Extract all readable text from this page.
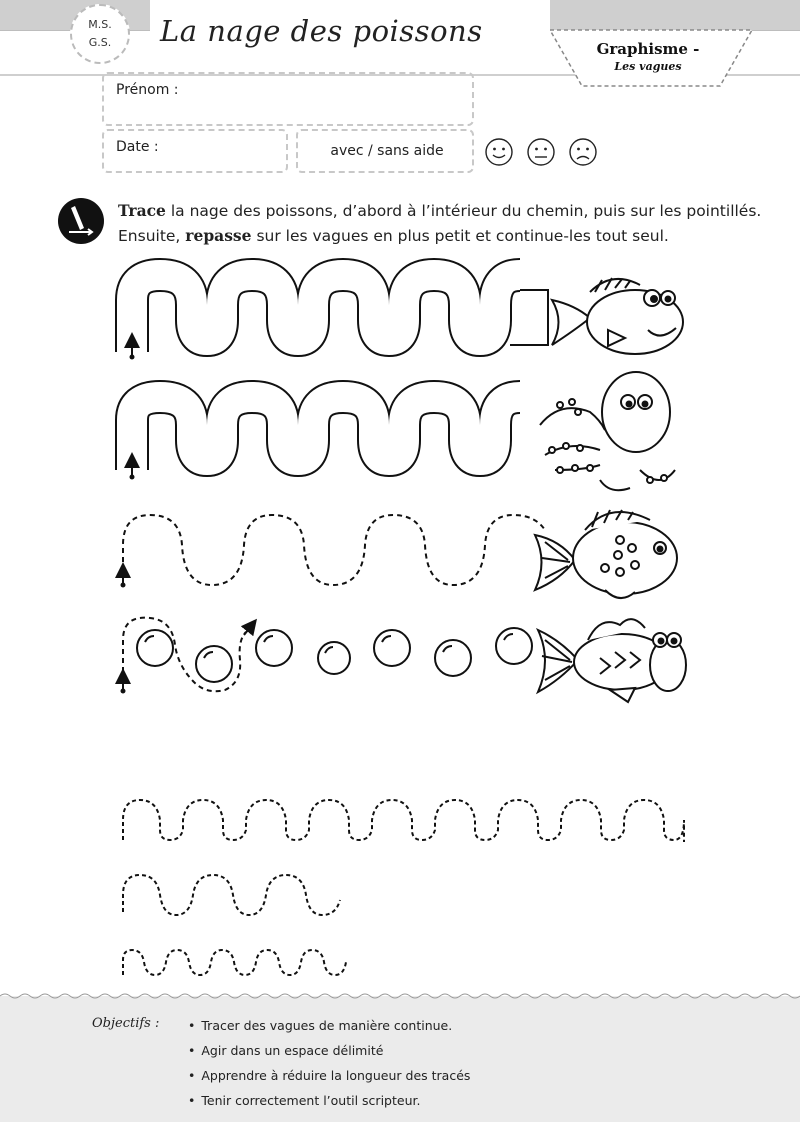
M.S.
G.S.	La nage des poissons
Graphisme -
Les vagues
Prénom :
Date :	avec / sans aide
Trace la nage des poissons, d’abord à l’intérieur du chemin, puis sur les pointillés.
Ensuite, repasse sur les vagues en plus petit et continue-les tout seul.
Objectifs :
•	Tracer des vagues de manière continue.
• Agir dans un espace délimité
• Apprendre à réduire la longueur des tracés
• Tenir correctement l’outil scripteur.
